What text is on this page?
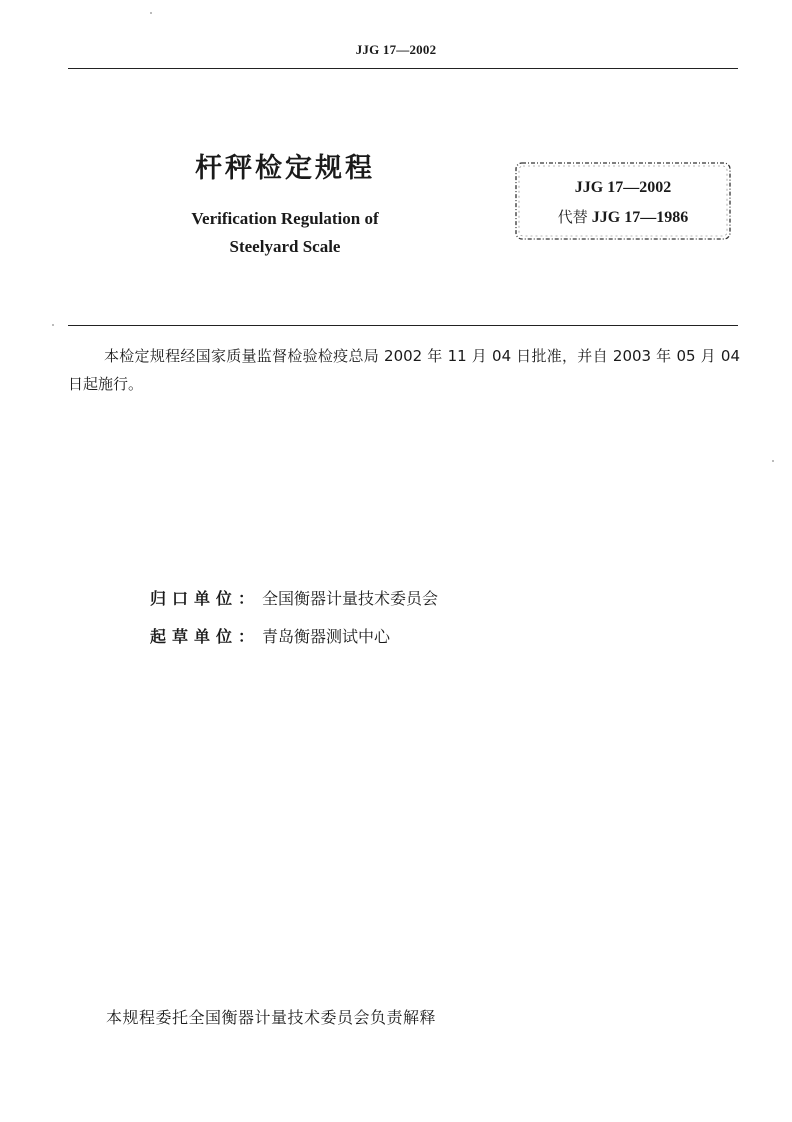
JJG 17—2002
杆秤检定规程
Verification Regulation of
Steelyard Scale
JJG 17—2002
代替 JJG 17—1986
本检定规程经国家质量监督检验检疫总局 2002 年 11 月 04 日批准，并自 2003 年 05 月 04 日起施行。
归口单位： 全国衡器计量技术委员会
起草单位： 青岛衡器测试中心
本规程委托全国衡器计量技术委员会负责解释
